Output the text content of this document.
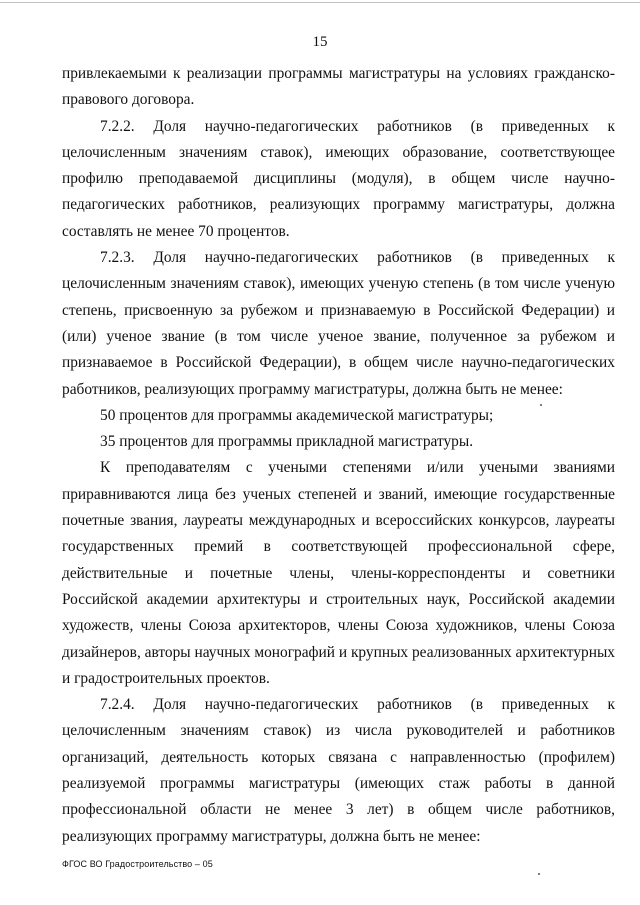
15

привлекаемыми к реализации программы магистратуры на условиях гражданско-правового договора.

7.2.2. Доля научно-педагогических работников (в приведенных к целочисленным значениям ставок), имеющих образование, соответствующее профилю преподаваемой дисциплины (модуля), в общем числе научно-педагогических работников, реализующих программу магистратуры, должна составлять не менее 70 процентов.

7.2.3. Доля научно-педагогических работников (в приведенных к целочисленным значениям ставок), имеющих ученую степень (в том числе ученую степень, присвоенную за рубежом и признаваемую в Российской Федерации) и (или) ученое звание (в том числе ученое звание, полученное за рубежом и признаваемое в Российской Федерации), в общем числе научно-педагогических работников, реализующих программу магистратуры, должна быть не менее:

50 процентов для программы академической магистратуры;

35 процентов для программы прикладной магистратуры.

К преподавателям с учеными степенями и/или учеными званиями приравниваются лица без ученых степеней и званий, имеющие государственные почетные звания, лауреаты международных и всероссийских конкурсов, лауреаты государственных премий в соответствующей профессиональной сфере, действительные и почетные члены, члены-корреспонденты и советники Российской академии архитектуры и строительных наук, Российской академии художеств, члены Союза архитекторов, члены Союза художников, члены Союза дизайнеров, авторы научных монографий и крупных реализованных архитектурных и градостроительных проектов.

7.2.4. Доля научно-педагогических работников (в приведенных к целочисленным значениям ставок) из числа руководителей и работников организаций, деятельность которых связана с направленностью (профилем) реализуемой программы магистратуры (имеющих стаж работы в данной профессиональной области не менее 3 лет) в общем числе работников, реализующих программу магистратуры, должна быть не менее:

ФГОС ВО Градостроительство – 05
